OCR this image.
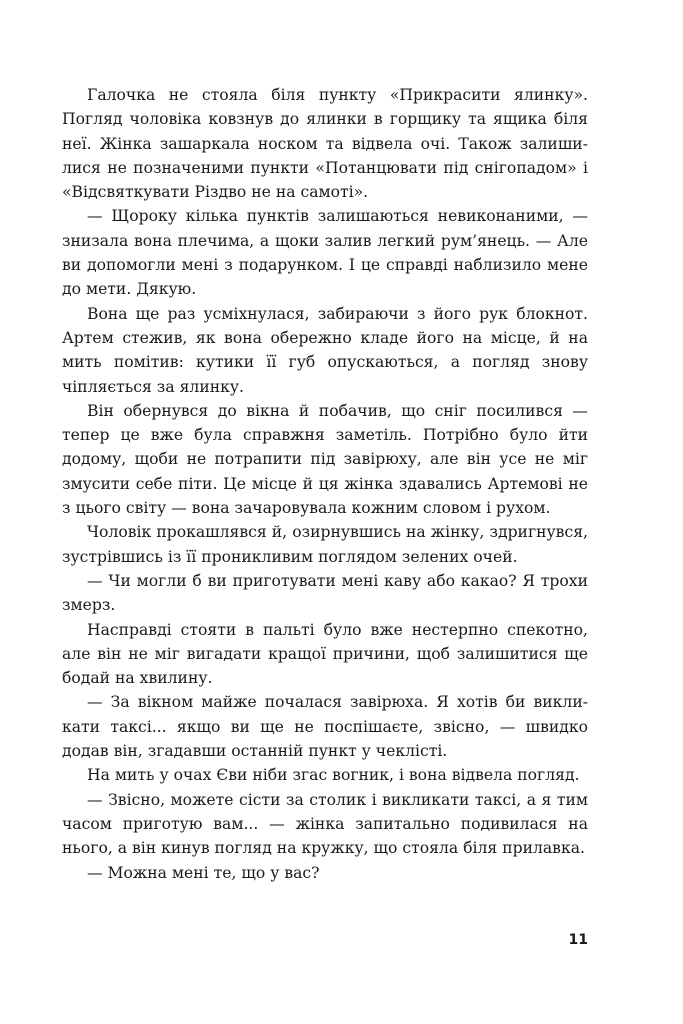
Галочка не стояла біля пункту «Прикрасити ялинку». Погляд чоловіка ковзнув до ялинки в горщику та ящика біля неї. Жінка зашаркала носком та відвела очі. Також залишилися не позначеними пункти «Потанцювати під снігопадом» і «Відсвяткувати Різдво не на самоті».

— Щороку кілька пунктів залишаються невиконаними, — знизала вона плечима, а щоки залив легкий рум’янець. — Але ви допомогли мені з подарунком. І це справді наблизило мене до мети. Дякую.

Вона ще раз усміхнулася, забираючи з його рук блокнот. Артем стежив, як вона обережно кладе його на місце, й на мить помітив: кутики її губ опускаються, а погляд знову чіпляється за ялинку.

Він обернувся до вікна й побачив, що сніг посилився — тепер це вже була справжня заметіль. Потрібно було йти додому, щоби не потрапити під завірюху, але він усе не міг змусити себе піти. Це місце й ця жінка здавались Артемові не з цього світу — вона зачаровувала кожним словом і рухом.

Чоловік прокашлявся й, озирнувшись на жінку, здригнувся, зустрівшись із її проникливим поглядом зелених очей.

— Чи могли б ви приготувати мені каву або какао? Я трохи змерз.

Насправді стояти в пальті було вже нестерпно спекотно, але він не міг вигадати кращої причини, щоб залишитися ще бодай на хвилину.

— За вікном майже почалася завірюха. Я хотів би викликати таксі... якщо ви ще не поспішаєте, звісно, — швидко додав він, згадавши останній пункт у чеклісті.

На мить у очах Єви ніби згас вогник, і вона відвела погляд.

— Звісно, можете сісти за столик і викликати таксі, а я тим часом приготую вам... — жінка запитально подивилася на нього, а він кинув погляд на кружку, що стояла біля прилавка.

— Можна мені те, що у вас?

11
